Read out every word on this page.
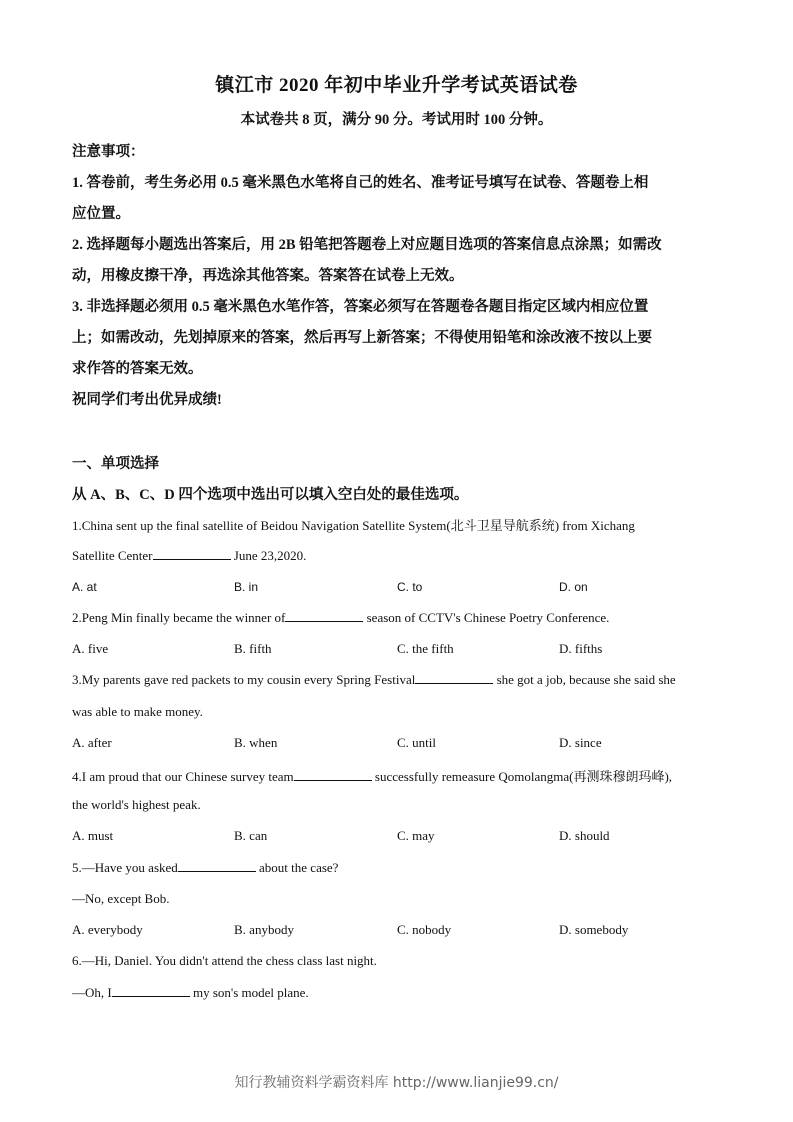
镇江市 2020 年初中毕业升学考试英语试卷
本试卷共 8 页，满分 90 分。考试用时 100 分钟。
注意事项：
1. 答卷前，考生务必用 0.5 毫米黑色水笔将自己的姓名、准考证号填写在试卷、答题卷上相
应位置。
2. 选择题每小题选出答案后，用 2B 铅笔把答题卷上对应题目选项的答案信息点涂黑；如需改
动，用橡皮擦干净，再选涂其他答案。答案答在试卷上无效。
3. 非选择题必须用 0.5 毫米黑色水笔作答，答案必须写在答题卷各题目指定区域内相应位置
上；如需改动，先划掉原来的答案，然后再写上新答案；不得使用铅笔和涂改液不按以上要
求作答的答案无效。
祝同学们考出优异成绩!
一、单项选择
从 A、B、C、D 四个选项中选出可以填入空白处的最佳选项。
1.China sent up the final satellite of Beidou Navigation Satellite System(北斗卫星导航系统) from Xichang
Satellite Center	June 23,2020.
A. at	B. in	C. to	D. on
2.Peng Min finally became the winner of	season of CCTV's Chinese Poetry Conference.
A. five	B. fifth	C. the fifth	D. fifths
3.My parents gave red packets to my cousin every Spring Festival	she got a job, because she said she
was able to make money.
A. after	B. when	C. until	D. since
4.I am proud that our Chinese survey team	successfully remeasure Qomolangma(再测珠穆朗玛峰),
the world's highest peak.
A. must	B. can	C. may	D. should
5.—Have you asked	about the case?
—No, except Bob.
A. everybody	B. anybody	C. nobody	D. somebody
6.—Hi, Daniel. You didn't attend the chess class last night.
—Oh, I	my son's model plane.
知行教辅资料学霸资料库 http://www.lianjie99.cn/
